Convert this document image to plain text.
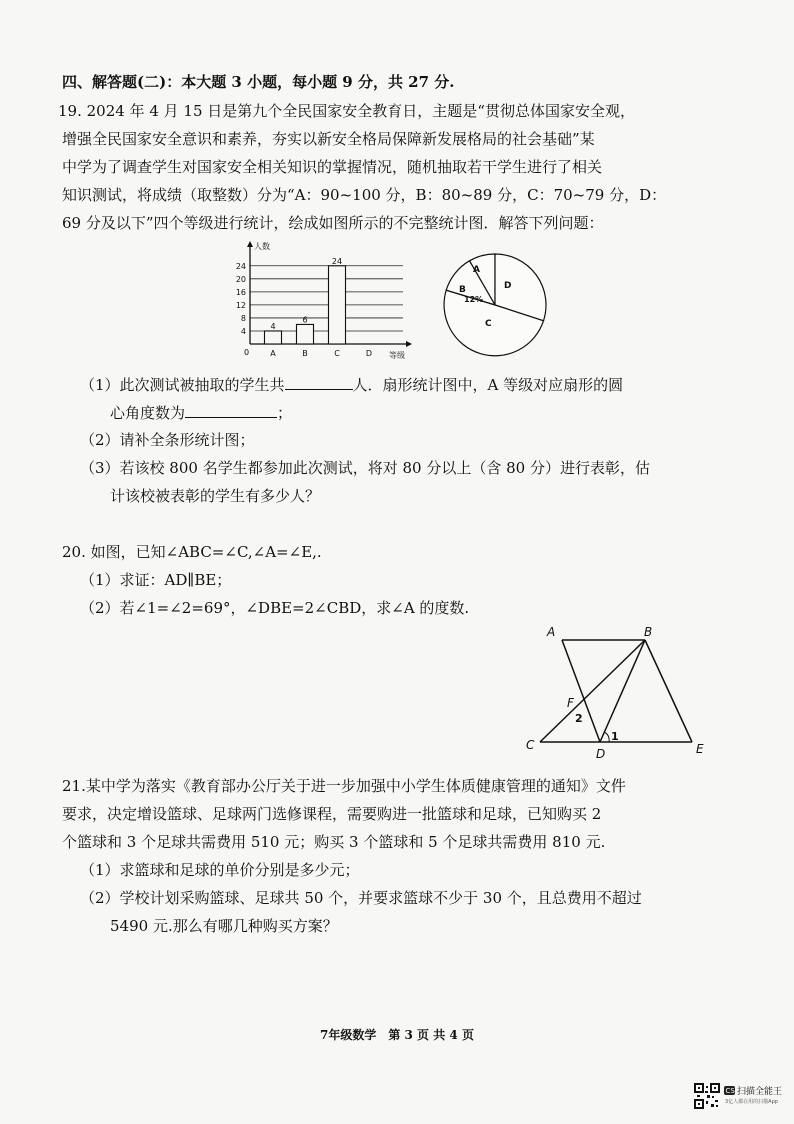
四、解答题(二)：本大题 3 小题，每小题 9 分，共 27 分.
19. 2024 年 4 月 15 日是第九个全民国家安全教育日，主题是“贯彻总体国家安全观，
增强全民国家安全意识和素养，夯实以新安全格局保障新发展格局的社会基础”某
中学为了调查学生对国家安全相关知识的掌握情况，随机抽取若干学生进行了相关
知识测试，将成绩（取整数）分为“A：90~100 分，B：80~89 分，C：70~79 分，D：
69 分及以下”四个等级进行统计，绘成如图所示的不完整统计图．解答下列问题：
4
8
12
16
20
24
人数
等级
0	A
4
B
6
C
24
D
A
B	D
C
12%
（1）此次测试被抽取的学生共	人．扇形统计图中，A 等级对应扇形的圆
心角度数为	；
（2）请补全条形统计图；
（3）若该校 800 名学生都参加此次测试，将对 80 分以上（含 80 分）进行表彰，估
计该校被表彰的学生有多少人？
20. 如图，已知∠ABC=∠C,∠A=∠E,.
（1）求证：AD∥BE；
（2）若∠1=∠2=69°，∠DBE=2∠CBD，求∠A 的度数.
A	B
C
D	E
F
2
1
21.某中学为落实《教育部办公厅关于进一步加强中小学生体质健康管理的通知》文件
要求，决定增设篮球、足球两门选修课程，需要购进一批篮球和足球，已知购买 2
个篮球和 3 个足球共需费用 510 元；购买 3 个篮球和 5 个足球共需费用 810 元.
（1）求篮球和足球的单价分别是多少元；
（2）学校计划采购篮球、足球共 50 个，并要求篮球不少于 30 个，且总费用不超过
5490 元.那么有哪几种购买方案？
7年级数学　第 3 页 共 4 页
CS 扫描全能王
3亿人都在用的扫描App
